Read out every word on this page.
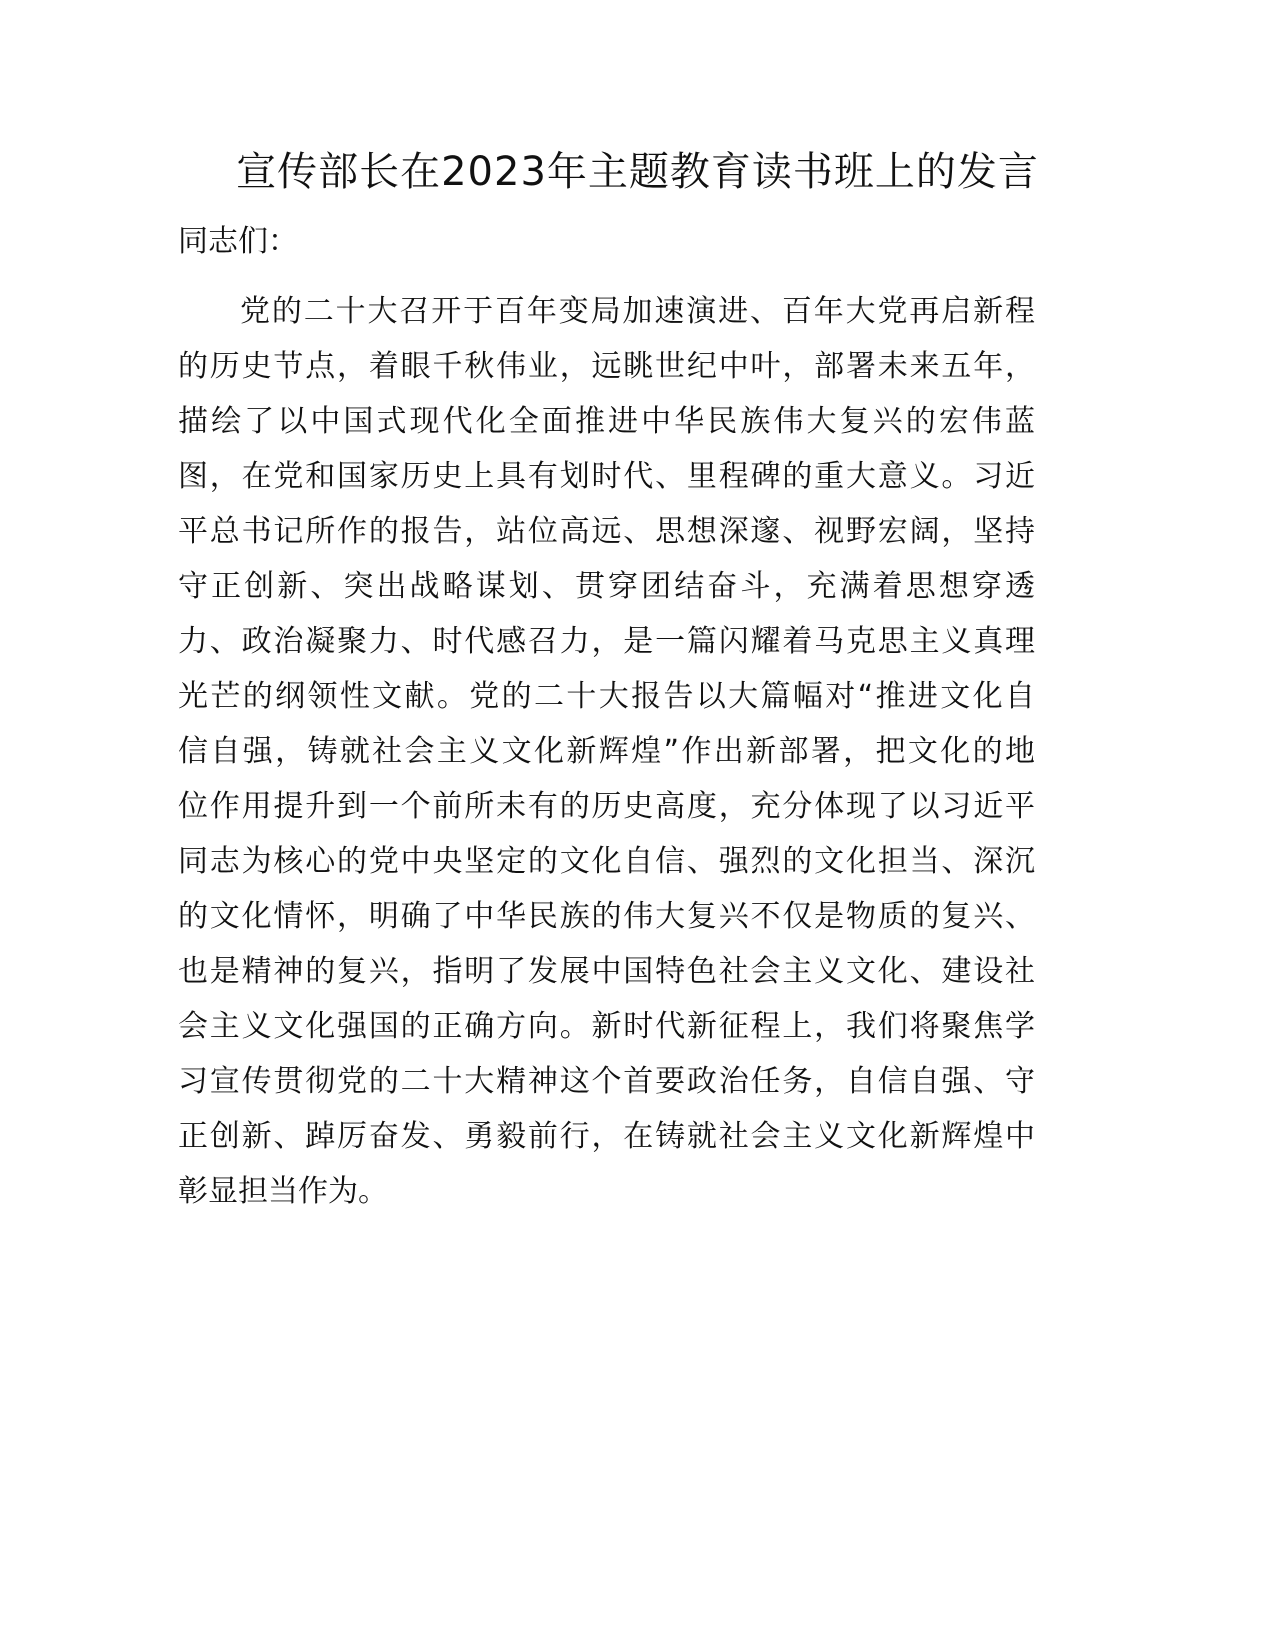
宣传部长在2023年主题教育读书班上的发言
同志们：
党的二十大召开于百年变局加速演进、百年大党再启新程
的历史节点，着眼千秋伟业，远眺世纪中叶，部署未来五年，
描绘了以中国式现代化全面推进中华民族伟大复兴的宏伟蓝
图，在党和国家历史上具有划时代、里程碑的重大意义。习近
平总书记所作的报告，站位高远、思想深邃、视野宏阔，坚持
守正创新、突出战略谋划、贯穿团结奋斗，充满着思想穿透
力、政治凝聚力、时代感召力，是一篇闪耀着马克思主义真理
光芒的纲领性文献。党的二十大报告以大篇幅对“推进文化自
信自强，铸就社会主义文化新辉煌”作出新部署，把文化的地
位作用提升到一个前所未有的历史高度，充分体现了以习近平
同志为核心的党中央坚定的文化自信、强烈的文化担当、深沉
的文化情怀，明确了中华民族的伟大复兴不仅是物质的复兴、
也是精神的复兴，指明了发展中国特色社会主义文化、建设社
会主义文化强国的正确方向。新时代新征程上，我们将聚焦学
习宣传贯彻党的二十大精神这个首要政治任务，自信自强、守
正创新、踔厉奋发、勇毅前行，在铸就社会主义文化新辉煌中
彰显担当作为。
